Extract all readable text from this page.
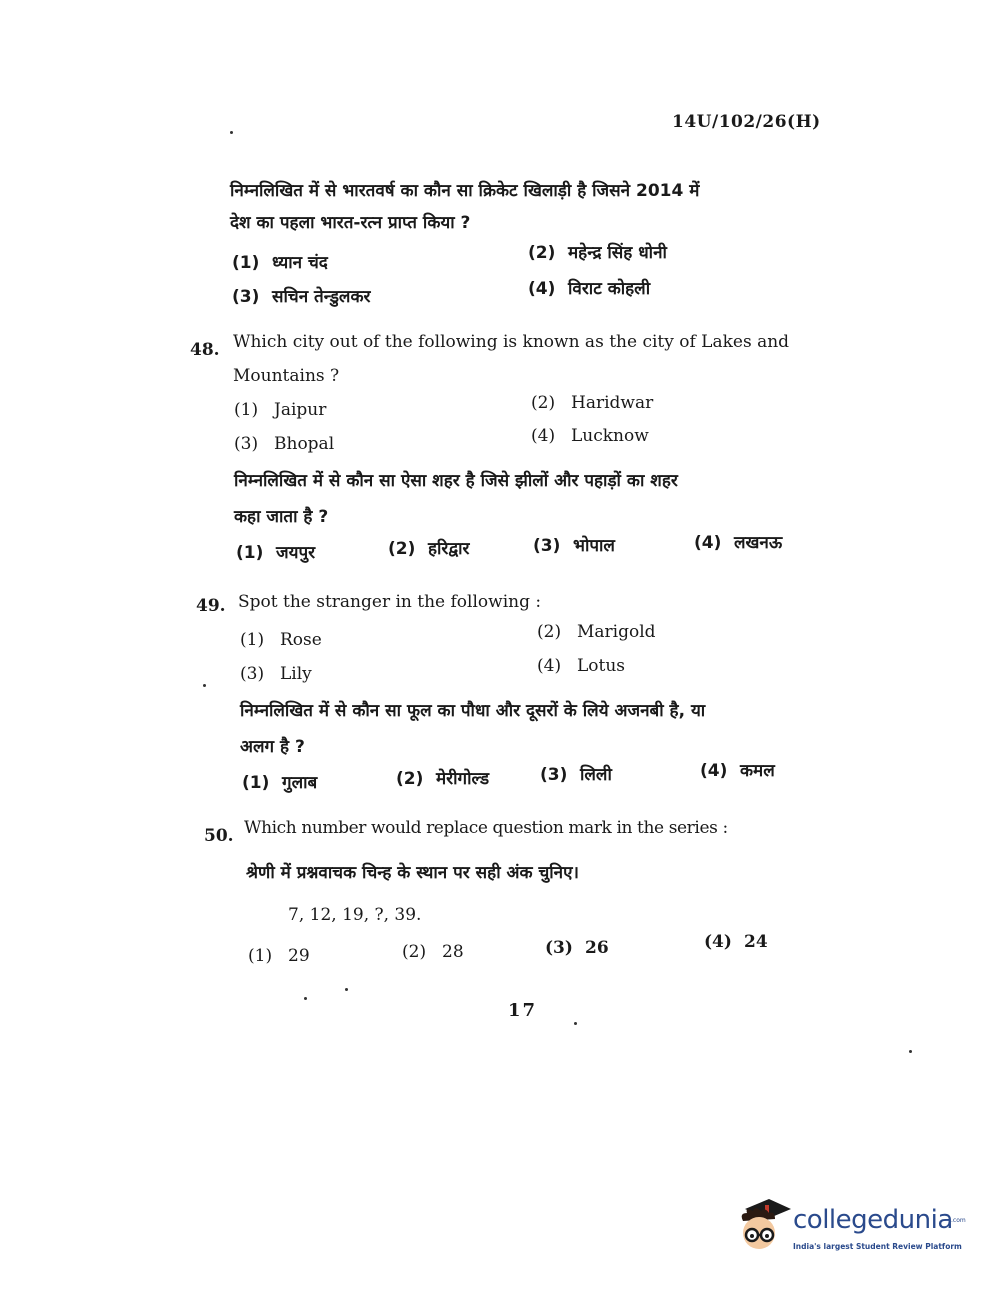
14U/102/26(H)
निम्नलिखित में से भारतवर्ष का कौन सा क्रिकेट खिलाड़ी है जिसने 2014 में
देश का पहला भारत-रत्न प्राप्त किया ?
(1) ध्यान चंद	(2) महेन्द्र सिंह धोनी
(3) सचिन तेन्डुलकर	(4) विराट कोहली
48. Which city out of the following is known as the city of Lakes and
Mountains ?
(1) Jaipur	(2) Haridwar
(3) Bhopal	(4) Lucknow
निम्नलिखित में से कौन सा ऐसा शहर है जिसे झीलों और पहाड़ों का शहर
कहा जाता है ?
(1) जयपुर	(2) हरिद्वार	(3) भोपाल	(4) लखनऊ
49. Spot the stranger in the following :
(1) Rose	(2) Marigold
(3) Lily	(4) Lotus
निम्नलिखित में से कौन सा फूल का पौधा और दूसरों के लिये अजनबी है, या
अलग है ?
(1) गुलाब	(2) मेरीगोल्ड	(3) लिली	(4) कमल
50. Which number would replace question mark in the series :
श्रेणी में प्रश्नवाचक चिन्ह के स्थान पर सही अंक चुनिए।
7, 12, 19, ?, 39.
(1) 29	(2) 28	(3) 26	(4) 24
17
collegedunia
.com
India's largest Student Review Platform
